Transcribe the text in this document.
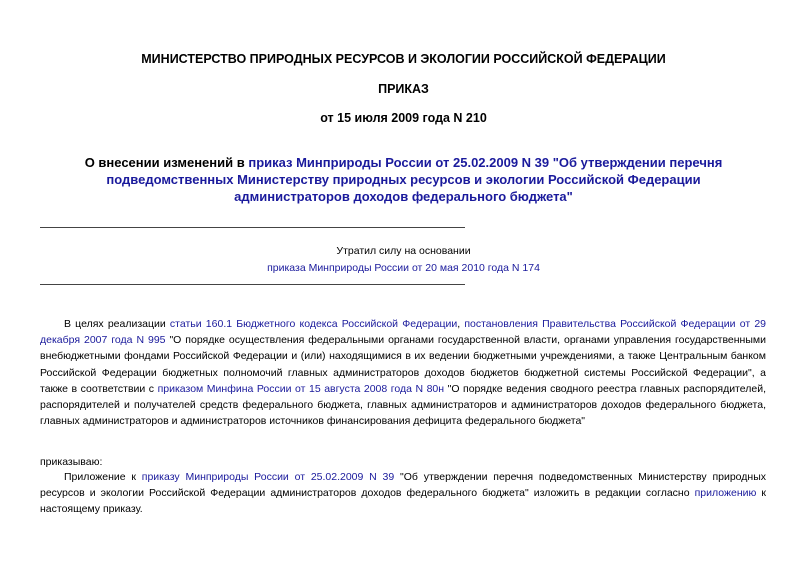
МИНИСТЕРСТВО ПРИРОДНЫХ РЕСУРСОВ И ЭКОЛОГИИ РОССИЙСКОЙ ФЕДЕРАЦИИ
ПРИКАЗ
от 15 июля 2009 года N 210
О внесении изменений в приказ Минприроды России от 25.02.2009 N 39 "Об утверждении перечня подведомственных Министерству природных ресурсов и экологии Российской Федерации администраторов доходов федерального бюджета"
Утратил силу на основании
приказа Минприроды России от 20 мая 2010 года N 174
В целях реализации статьи 160.1 Бюджетного кодекса Российской Федерации, постановления Правительства Российской Федерации от 29 декабря 2007 года N 995 "О порядке осуществления федеральными органами государственной власти, органами управления государственными внебюджетными фондами Российской Федерации и (или) находящимися в их ведении бюджетными учреждениями, а также Центральным банком Российской Федерации бюджетных полномочий главных администраторов доходов бюджетов бюджетной системы Российской Федерации", а также в соответствии с приказом Минфина России от 15 августа 2008 года N 80н "О порядке ведения сводного реестра главных распорядителей, распорядителей и получателей средств федерального бюджета, главных администраторов и администраторов доходов федерального бюджета, главных администраторов и администраторов источников финансирования дефицита федерального бюджета"
приказываю:
Приложение к приказу Минприроды России от 25.02.2009 N 39 "Об утверждении перечня подведомственных Министерству природных ресурсов и экологии Российской Федерации администраторов доходов федерального бюджета" изложить в редакции согласно приложению к настоящему приказу.
